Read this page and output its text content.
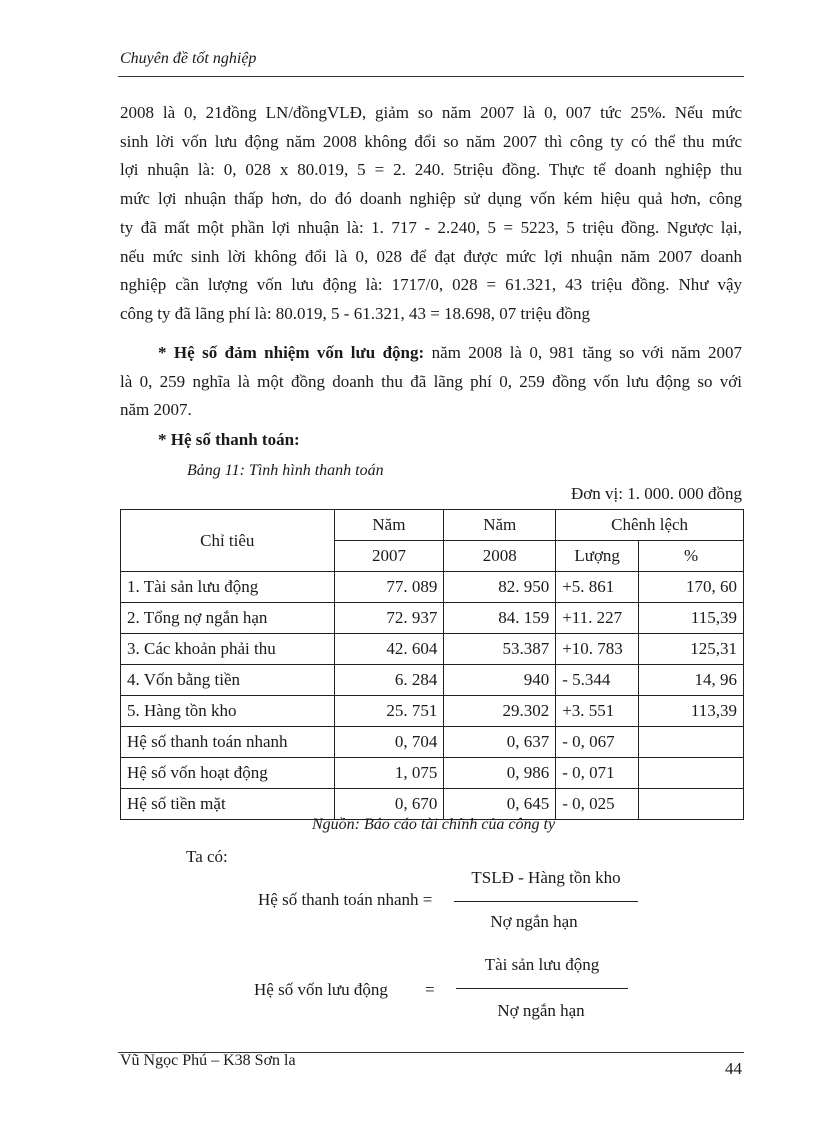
Chuyên đề tốt nghiệp

2008 là 0, 21đồng LN/đồngVLĐ, giảm so năm 2007 là 0, 007 tức 25%. Nếu mức
sinh lời vốn lưu động năm 2008 không đổi so năm 2007 thì công ty có thể thu mức
lợi nhuận là: 0, 028 x 80.019, 5 = 2. 240. 5triệu đồng. Thực tế doanh nghiệp thu
mức lợi nhuận thấp hơn, do đó doanh nghiệp sử dụng vốn kém hiệu quả hơn, công
ty đã mất một phần lợi nhuận là: 1. 717 - 2.240, 5 = 5223, 5 triệu đồng. Ngược lại,
nếu mức sinh lời không đổi là 0, 028 để đạt được mức lợi nhuận năm 2007 doanh
nghiệp cần lượng vốn lưu động là: 1717/0, 028 = 61.321, 43 triệu đồng. Như vậy
công ty đã lãng phí là: 80.019, 5 - 61.321, 43 = 18.698, 07 triệu đồng

* Hệ số đảm nhiệm vốn lưu động: năm 2008 là 0, 981 tăng so với năm 2007
là 0, 259 nghĩa là một đồng doanh thu đã lãng phí 0, 259 đồng vốn lưu động so với
năm 2007.

* Hệ số thanh toán:

Bảng 11: Tình hình thanh toán
Đơn vị: 1. 000. 000 đồng
Chỉ tiêu	Năm	Năm	Chênh lệch	
	2007	2008	Lượng	%
1. Tài sản lưu động	77. 089	82. 950	+5. 861	170, 60
2. Tổng nợ ngắn hạn	72. 937	84. 159	+11. 227	115,39
3. Các khoản phải thu	42. 604	53.387	+10. 783	125,31
4. Vốn bằng tiền	6. 284	940	- 5.344	14, 96
5. Hàng tồn kho	25. 751	29.302	+3. 551	113,39
Hệ số thanh toán nhanh	0, 704	0, 637	- 0, 067	
Hệ số vốn hoạt động	1, 075	0, 986	- 0, 071	
Hệ số tiền mặt	0, 670	0, 645	- 0, 025	
Nguồn: Báo cáo tài chính của công ty
Ta có:
Hệ số thanh toán nhanh =
TSLĐ - Hàng tồn kho
Nợ ngắn hạn
Hệ số vốn lưu động =
Tài sản lưu động
Nợ ngắn hạn
Vũ Ngọc Phú – K38 Sơn la	44
